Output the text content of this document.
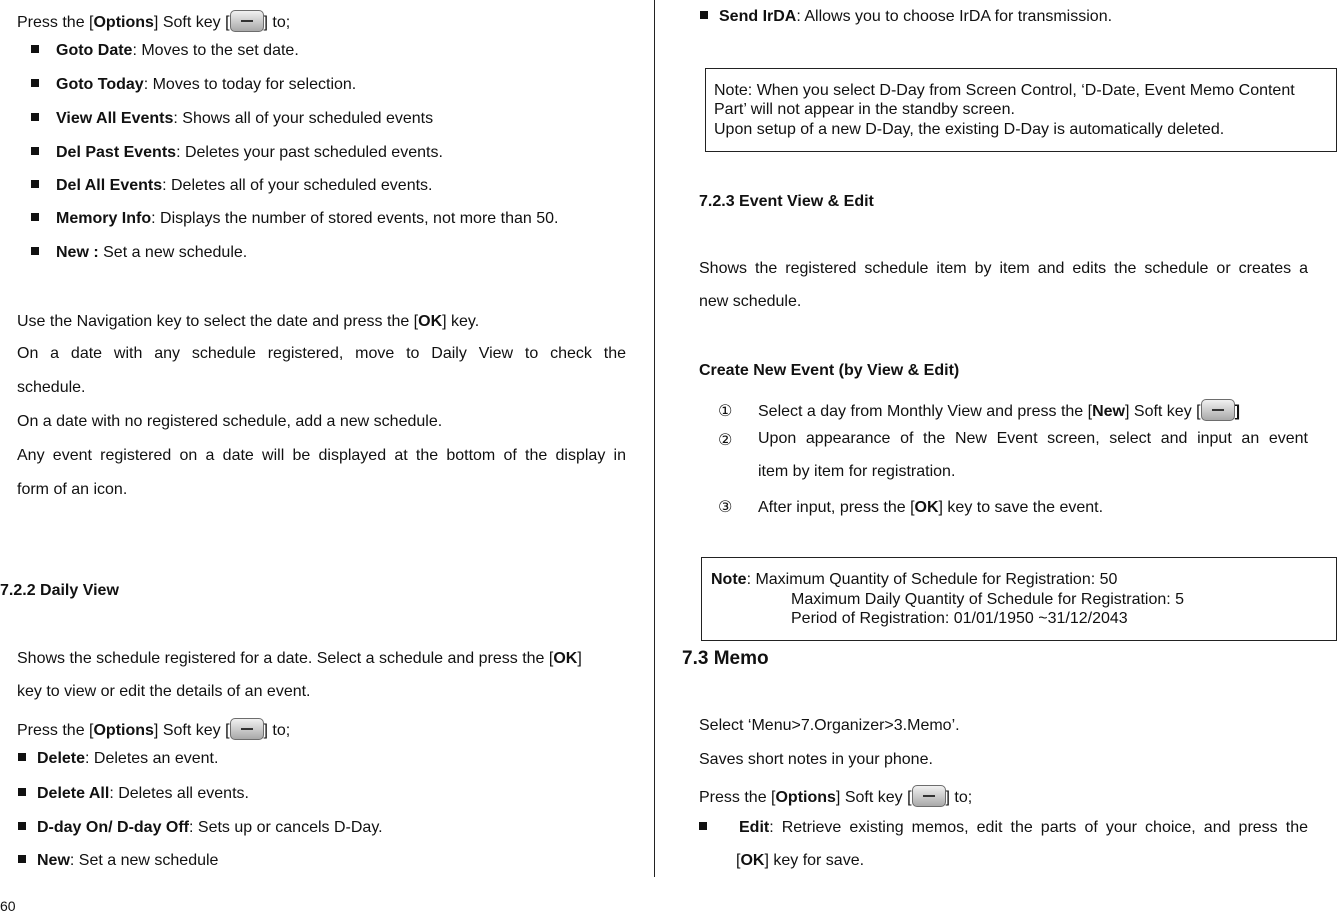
Press the [Options] Soft key [ ] to;
Goto Date: Moves to the set date.
Goto Today: Moves to today for selection.
View All Events: Shows all of your scheduled events
Del Past Events: Deletes your past scheduled events.
Del All Events: Deletes all of your scheduled events.
Memory Info: Displays the number of stored events, not more than 50.
New : Set a new schedule.
Use the Navigation key to select the date and press the [OK] key.
On a date with any schedule registered, move to Daily View to check the
schedule.
On a date with no registered schedule, add a new schedule.
Any event registered on a date will be displayed at the bottom of the display in
form of an icon.
7.2.2 Daily View
Shows the schedule registered for a date. Select a schedule and press the [OK]
key to view or edit the details of an event.
Press the [Options] Soft key [ ] to;
Delete: Deletes an event.
Delete All: Deletes all events.
D-day On/ D-day Off: Sets up or cancels D-Day.
New: Set a new schedule
60
Send IrDA: Allows you to choose IrDA for transmission.
Note: When you select D-Day from Screen Control, ‘D-Date, Event Memo Content
Part’ will not appear in the standby screen.
Upon setup of a new D-Day, the existing D-Day is automatically deleted.
7.2.3 Event View & Edit
Shows the registered schedule item by item and edits the schedule or creates a
new schedule.
Create New Event (by View & Edit)
① Select a day from Monthly View and press the [New] Soft key [ ]
②	Upon appearance of the New Event screen, select and input an event
item by item for registration.
③ After input, press the [OK] key to save the event.
Note: Maximum Quantity of Schedule for Registration: 50
Maximum Daily Quantity of Schedule for Registration: 5
Period of Registration: 01/01/1950 ~31/12/2043
7.3 Memo
Select ‘Menu>7.Organizer>3.Memo’.
Saves short notes in your phone.
Press the [Options] Soft key [ ] to;
Edit: Retrieve existing memos, edit the parts of your choice, and press the
[OK] key for save.
